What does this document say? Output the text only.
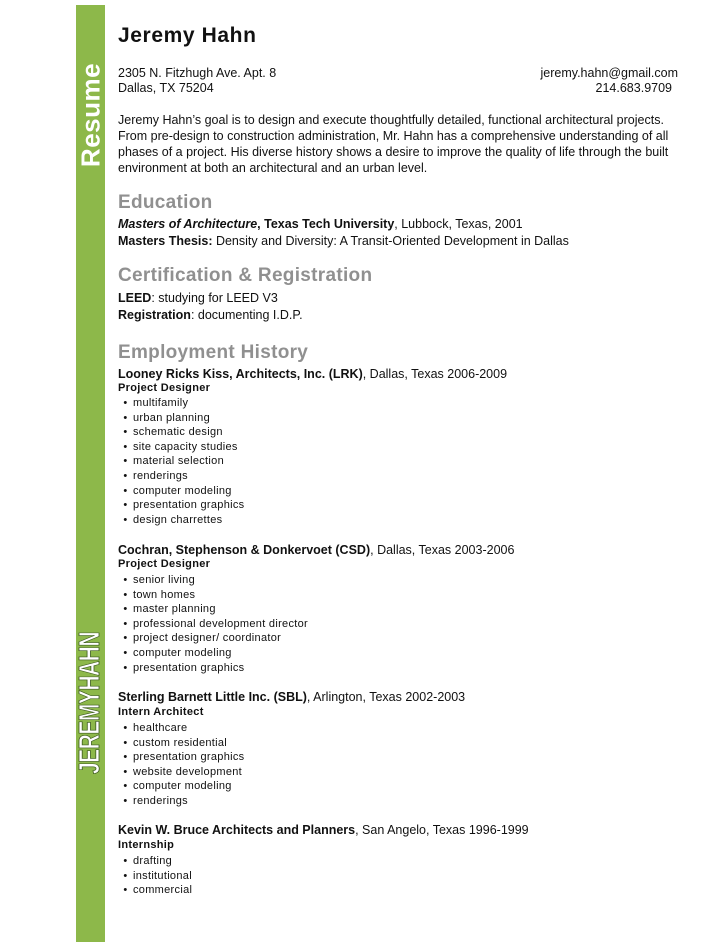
Resume
JEREMYHAHN
Jeremy Hahn
2305 N. Fitzhugh Ave. Apt. 8
Dallas, TX 75204
jeremy.hahn@gmail.com
214.683.9709

Jeremy Hahn’s goal is to design and execute thoughtfully detailed, functional architectural projects. From pre-design to construction administration, Mr. Hahn has a comprehensive understanding of all phases of a project. His diverse history shows a desire to improve the quality of life through the built environment at both an architectural and an urban level.

Education
Masters of Architecture, Texas Tech University, Lubbock, Texas, 2001
Masters Thesis: Density and Diversity: A Transit-Oriented Development in Dallas
Certification & Registration
LEED: studying for LEED V3
Registration: documenting I.D.P.
Employment History
Looney Ricks Kiss, Architects, Inc. (LRK), Dallas, Texas 2006-2009
Project Designer
• multifamily
• urban planning
• schematic design
• site capacity studies
• material selection
• renderings
• computer modeling
• presentation graphics
• design charrettes
Cochran, Stephenson & Donkervoet (CSD), Dallas, Texas 2003-2006
Project Designer
• senior living
• town homes
• master planning
• professional development director
• project designer/ coordinator
• computer modeling
• presentation graphics
Sterling Barnett Little Inc. (SBL), Arlington, Texas 2002-2003
Intern Architect
• healthcare
• custom residential
• presentation graphics
• website development
• computer modeling
• renderings
Kevin W. Bruce Architects and Planners, San Angelo, Texas 1996-1999
Internship
• drafting
• institutional
• commercial
